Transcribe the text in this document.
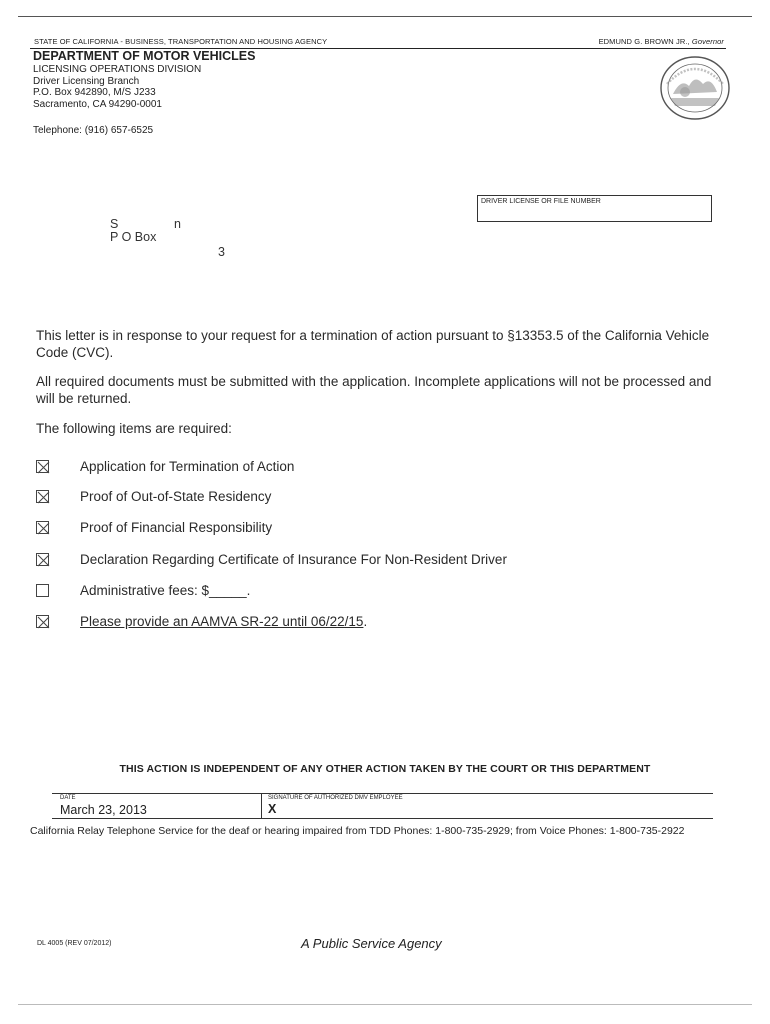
STATE OF CALIFORNIA - BUSINESS, TRANSPORTATION AND HOUSING AGENCY	EDMUND G. BROWN JR., Governor
DEPARTMENT OF MOTOR VEHICLES
LICENSING OPERATIONS DIVISION
Driver Licensing Branch
P.O. Box 942890, M/S J233
Sacramento, CA 94290-0001
Telephone: (916) 657-6525
DRIVER LICENSE OR FILE NUMBER
S	n
P O Box
3
This letter is in response to your request for a termination of action pursuant to §13353.5 of the California Vehicle Code (CVC).
All required documents must be submitted with the application. Incomplete applications will not be processed and will be returned.
The following items are required:
Application for Termination of Action
Proof of Out-of-State Residency
Proof of Financial Responsibility
Declaration Regarding Certificate of Insurance For Non-Resident Driver
Administrative fees: $_____.
Please provide an AAMVA SR-22 until 06/22/15.
THIS ACTION IS INDEPENDENT OF ANY OTHER ACTION TAKEN BY THE COURT OR THIS DEPARTMENT
DATE	SIGNATURE OF AUTHORIZED DMV EMPLOYEE
March 23, 2013	X
California Relay Telephone Service for the deaf or hearing impaired from TDD Phones: 1-800-735-2929; from Voice Phones: 1-800-735-2922
DL 4005 (REV 07/2012)	A Public Service Agency
